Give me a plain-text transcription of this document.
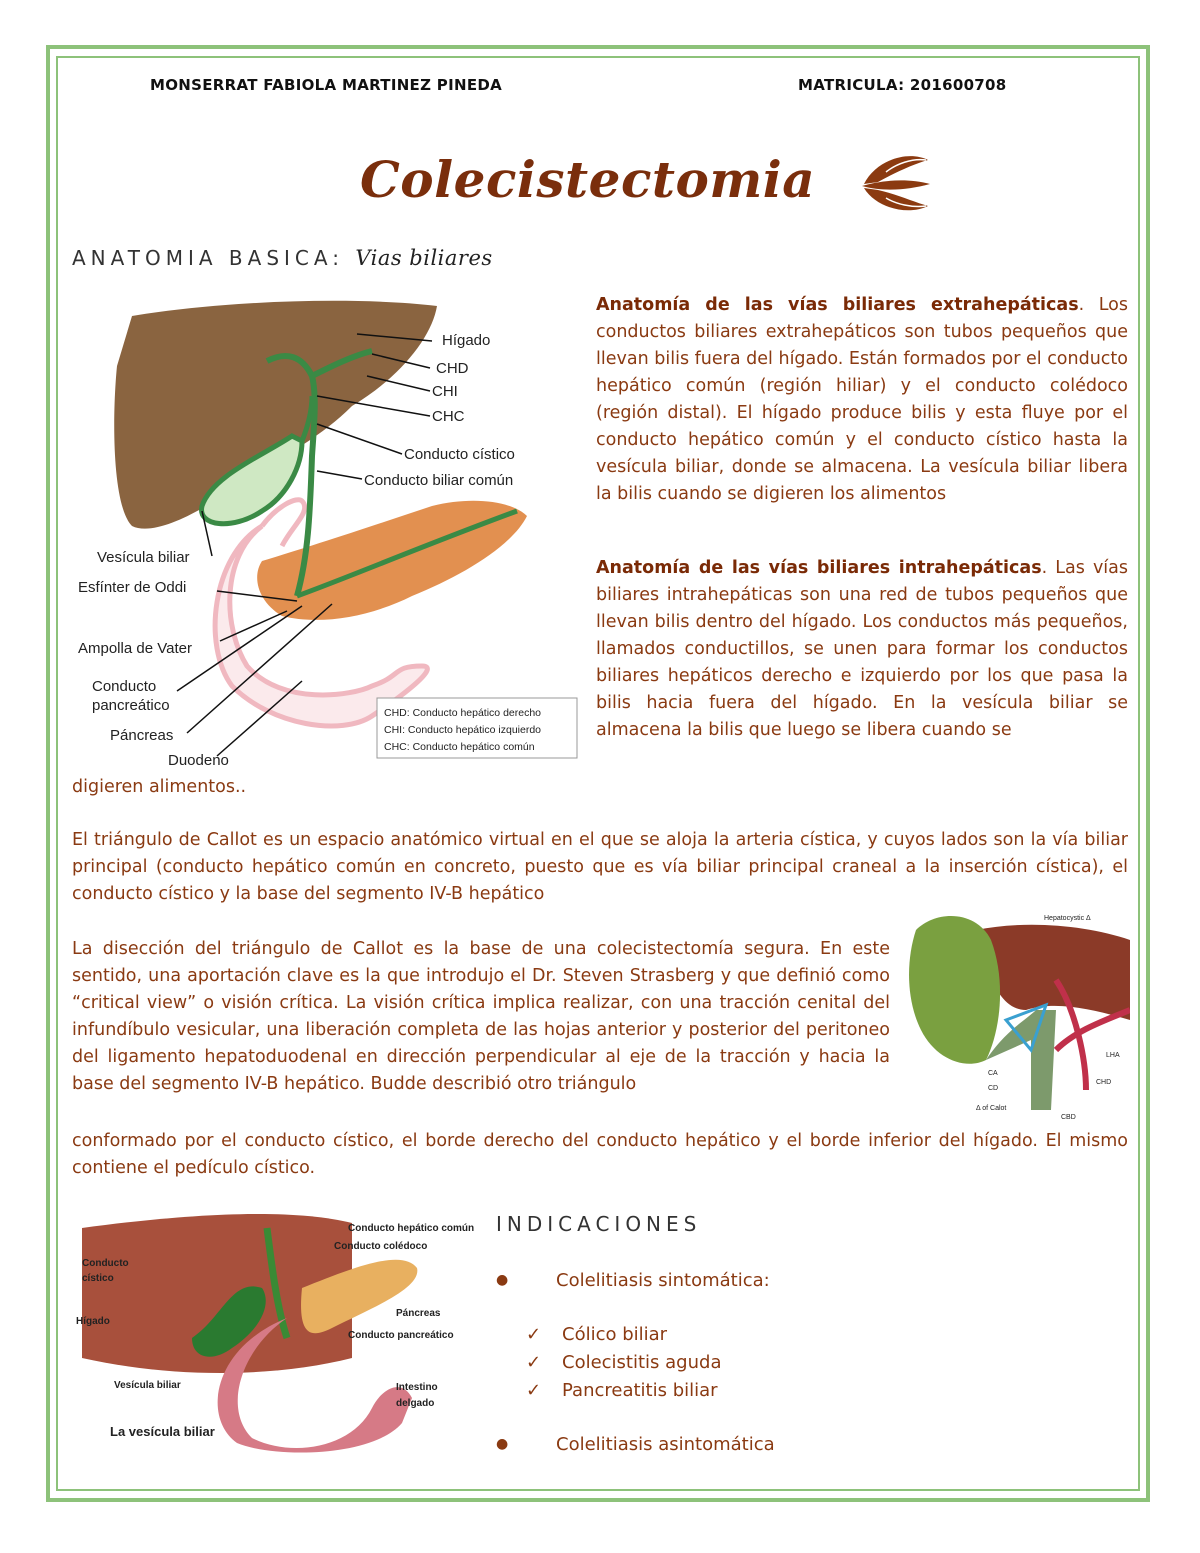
MONSERRAT FABIOLA MARTINEZ PINEDA	MATRICULA: 201600708
Colecistectomia
ANATOMIA BASICA: Vias biliares
Hígado
CHD
CHI
CHC
Conducto cístico
Conducto biliar común
Vesícula biliar
Esfínter de Oddi
Ampolla de Vater
Conducto
pancreático
Páncreas
Duodeno
CHD: Conducto hepático derecho
CHI: Conducto hepático izquierdo
CHC: Conducto hepático común
Anatomía de las vías biliares extrahepáticas. Los conductos biliares extrahepáticos son tubos pequeños que llevan bilis fuera del hígado. Están formados por el conducto hepático común (región hiliar) y el conducto colédoco (región distal). El hígado produce bilis y esta fluye por el conducto hepático común y el conducto cístico hasta la vesícula biliar, donde se almacena. La vesícula biliar libera la bilis cuando se digieren los alimentos
Anatomía de las vías biliares intrahepáticas. Las vías biliares intrahepáticas son una red de tubos pequeños que llevan bilis dentro del hígado. Los conductos más pequeños, llamados conductillos, se unen para formar los conductos biliares hepáticos derecho e izquierdo por los que pasa la bilis hacia fuera del hígado. En la vesícula biliar se almacena la bilis que luego se libera cuando se
digieren alimentos..
El triángulo de Callot es un espacio anatómico virtual en el que se aloja la arteria cística, y cuyos lados son la vía biliar principal (conducto hepático común en concreto, puesto que es vía biliar principal craneal a la inserción cística), el conducto cístico y la base del segmento IV-B hepático
La disección del triángulo de Callot es la base de una colecistectomía segura. En este sentido, una aportación clave es la que introdujo el Dr. Steven Strasberg y que definió como “critical view” o visión crítica. La visión crítica implica realizar, con una tracción cenital del infundíbulo vesicular, una liberación completa de las hojas anterior y posterior del peritoneo del ligamento hepatoduodenal en dirección perpendicular al eje de la tracción y hacia la base del segmento IV-B hepático. Budde describió otro triángulo
conformado por el conducto cístico, el borde derecho del conducto hepático y el borde inferior del hígado. El mismo contiene el pedículo cístico.
Hepatocystic Δ
CA
CD
Δ of Calot
LHA
CHD
CBD
Conducto hepático común
Conducto colédoco
Conducto
cístico
Hígado
Páncreas
Conducto pancreático
Vesícula biliar	Intestino
delgado
La vesícula biliar
INDICACIONES
●	Colelitiasis sintomática:
✓ Cólico biliar
✓ Colecistitis aguda
✓ Pancreatitis biliar
●	Colelitiasis asintomática
